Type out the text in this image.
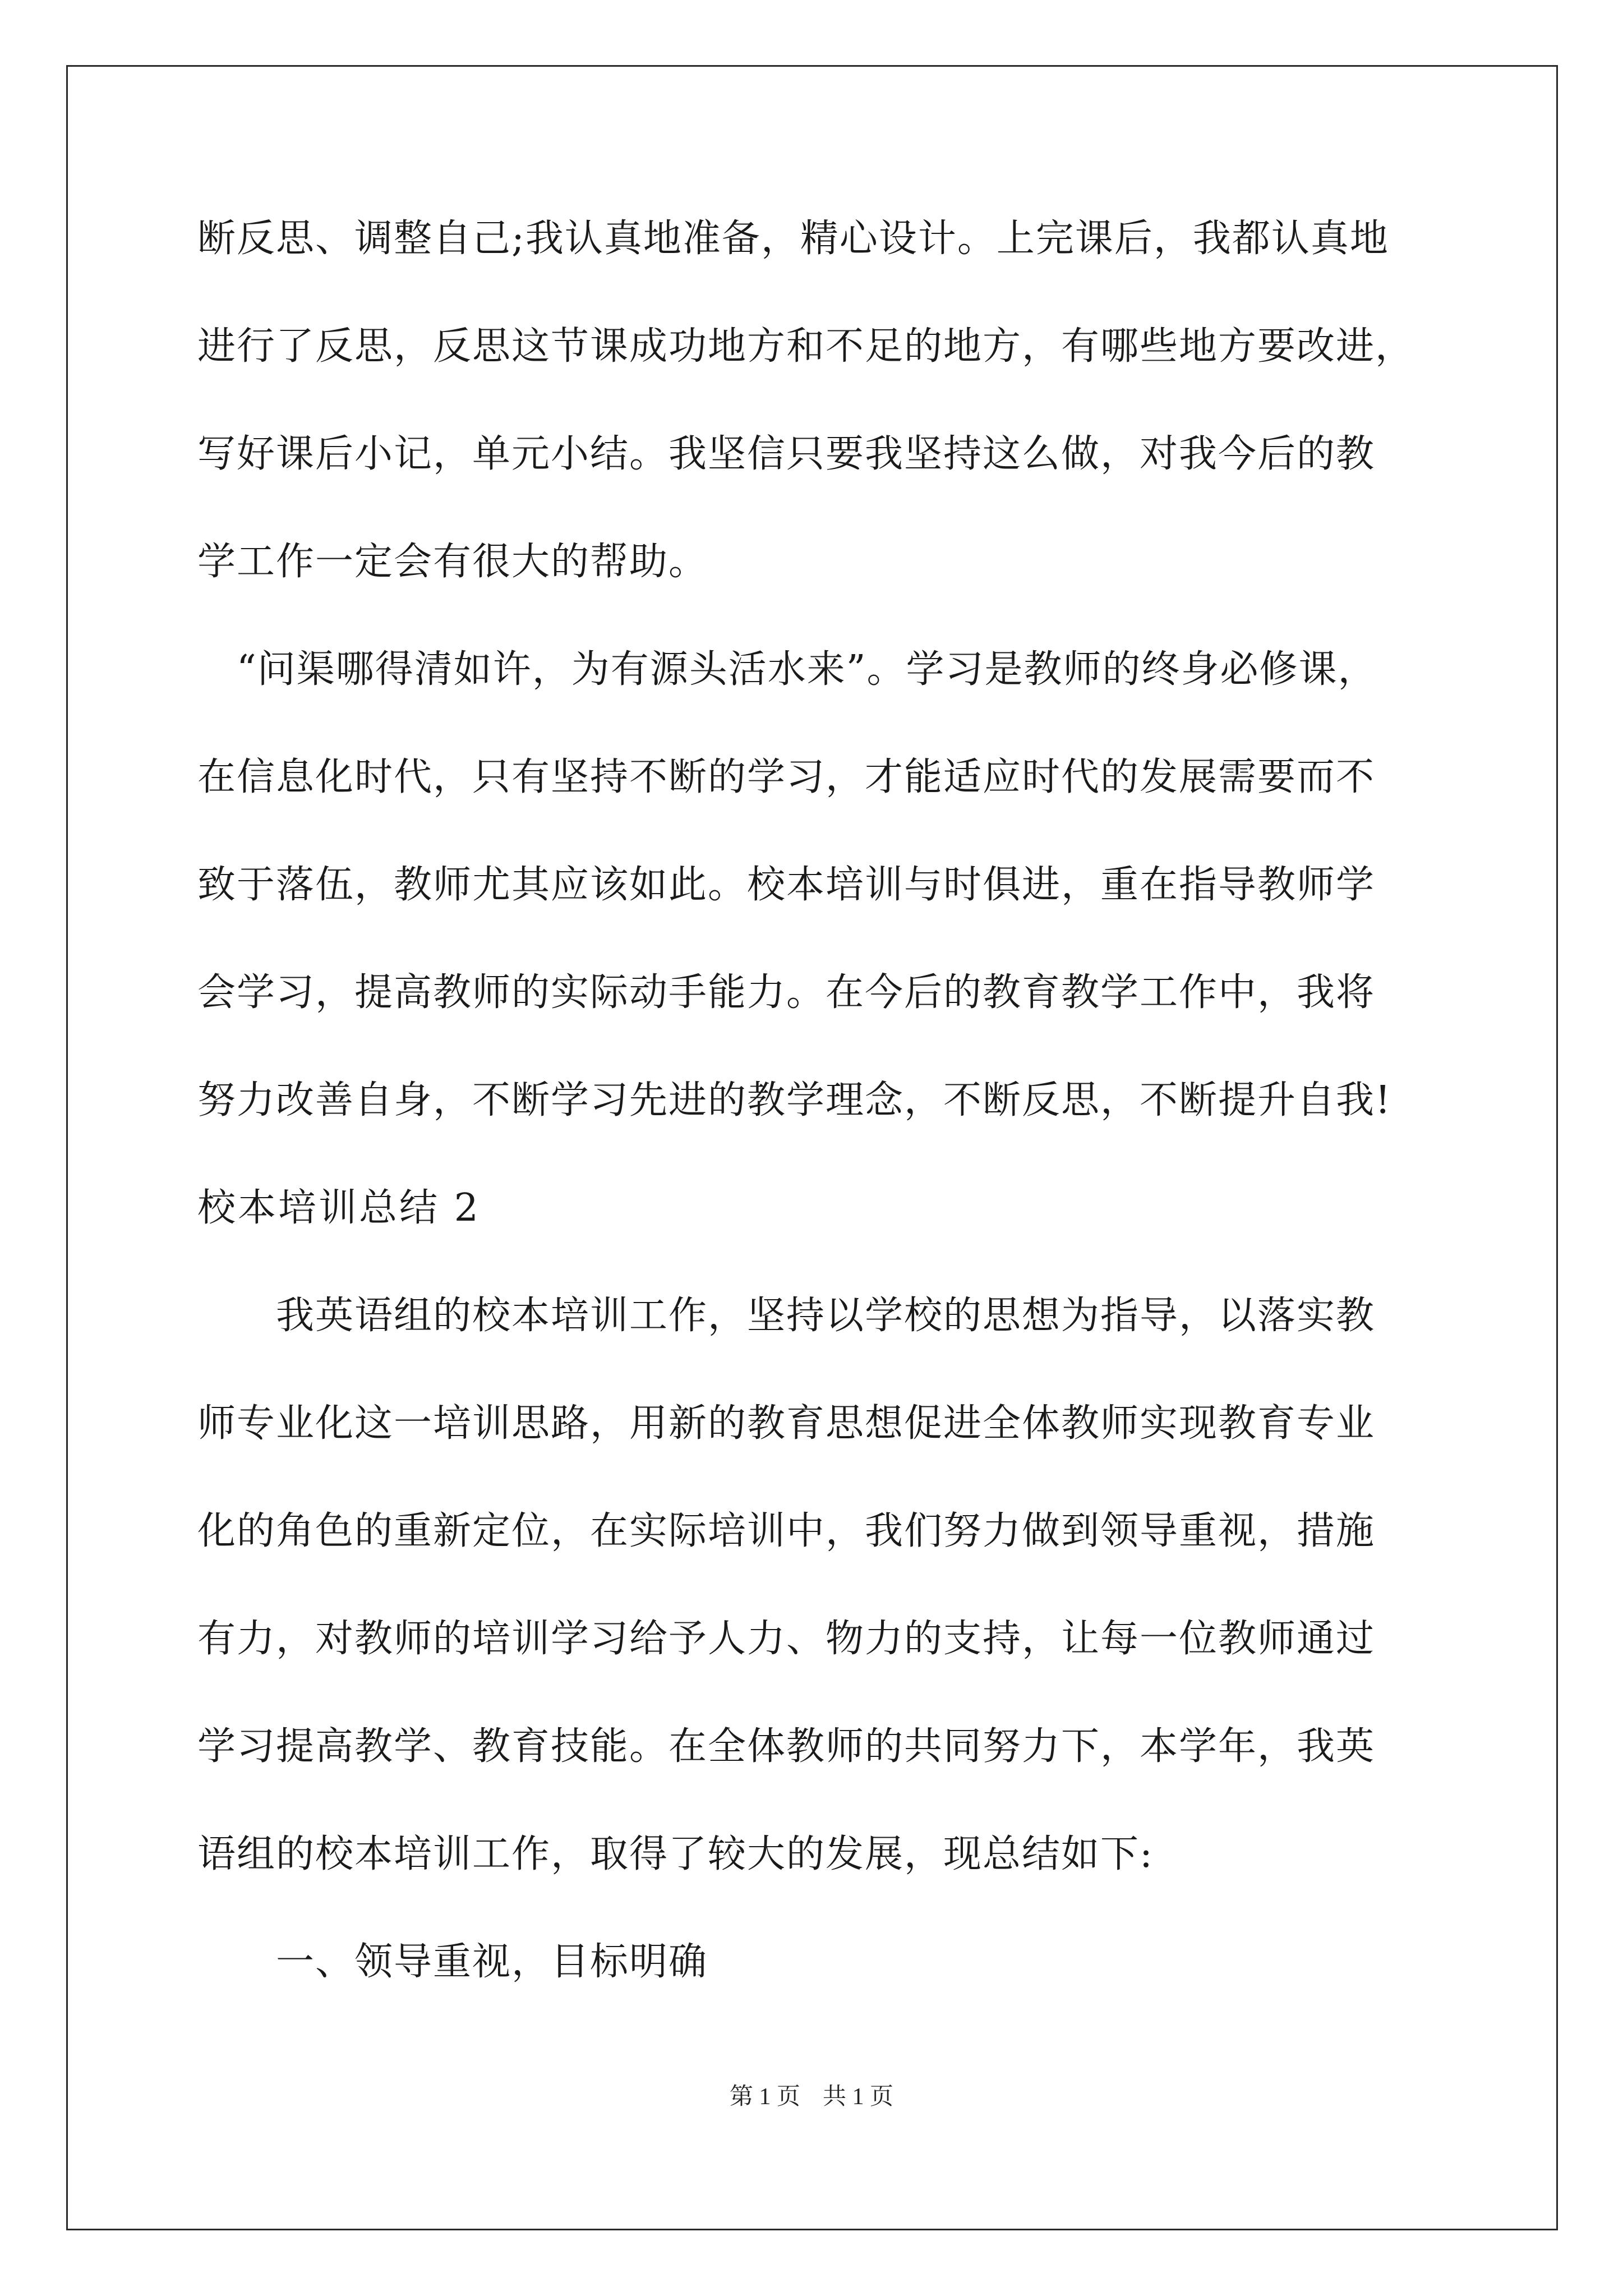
断反思、调整自己;我认真地准备，精心设计。上完课后，我都认真地
进行了反思，反思这节课成功地方和不足的地方，有哪些地方要改进，
写好课后小记，单元小结。我坚信只要我坚持这么做，对我今后的教
学工作一定会有很大的帮助。
　“问渠哪得清如许，为有源头活水来”。学习是教师的终身必修课，
在信息化时代，只有坚持不断的学习，才能适应时代的发展需要而不
致于落伍，教师尤其应该如此。校本培训与时俱进，重在指导教师学
会学习，提高教师的实际动手能力。在今后的教育教学工作中，我将
努力改善自身，不断学习先进的教学理念，不断反思，不断提升自我!
校本培训总结 2
　　我英语组的校本培训工作，坚持以学校的思想为指导，以落实教
师专业化这一培训思路，用新的教育思想促进全体教师实现教育专业
化的角色的重新定位，在实际培训中，我们努力做到领导重视，措施
有力，对教师的培训学习给予人力、物力的支持，让每一位教师通过
学习提高教学、教育技能。在全体教师的共同努力下，本学年，我英
语组的校本培训工作，取得了较大的发展，现总结如下:
　　一、领导重视，目标明确
第 1 页 共 1 页
